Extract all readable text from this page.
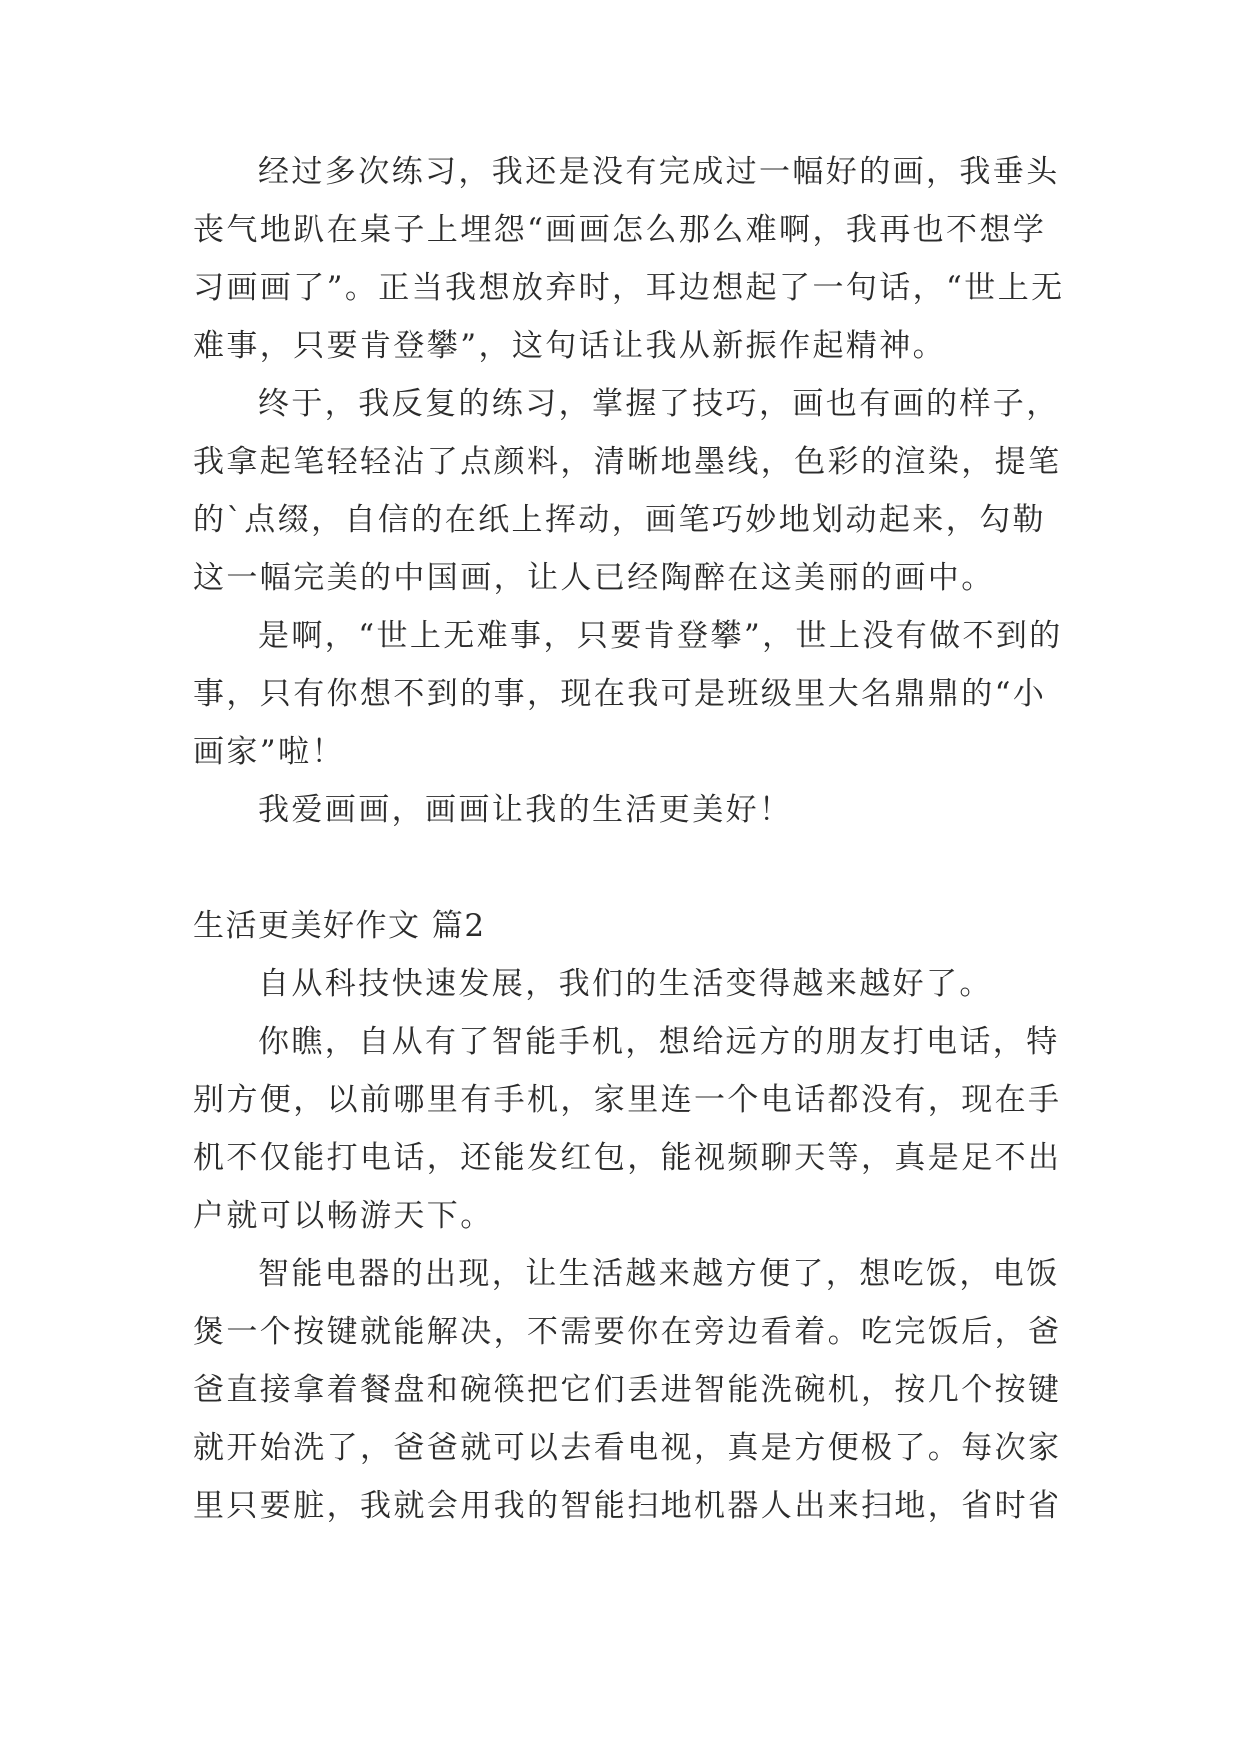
经过多次练习，我还是没有完成过一幅好的画，我垂头
丧气地趴在桌子上埋怨“画画怎么那么难啊，我再也不想学
习画画了”。正当我想放弃时，耳边想起了一句话，“世上无
难事，只要肯登攀”，这句话让我从新振作起精神。
终于，我反复的练习，掌握了技巧，画也有画的样子，
我拿起笔轻轻沾了点颜料，清晰地墨线，色彩的渲染，提笔
的`点缀，自信的在纸上挥动，画笔巧妙地划动起来，勾勒
这一幅完美的中国画，让人已经陶醉在这美丽的画中。
是啊，“世上无难事，只要肯登攀”，世上没有做不到的
事，只有你想不到的事，现在我可是班级里大名鼎鼎的“小
画家”啦！
我爱画画，画画让我的生活更美好！
生活更美好作文 篇2
自从科技快速发展，我们的生活变得越来越好了。
你瞧，自从有了智能手机，想给远方的朋友打电话，特
别方便，以前哪里有手机，家里连一个电话都没有，现在手
机不仅能打电话，还能发红包，能视频聊天等，真是足不出
户就可以畅游天下。
智能电器的出现，让生活越来越方便了，想吃饭，电饭
煲一个按键就能解决，不需要你在旁边看着。吃完饭后，爸
爸直接拿着餐盘和碗筷把它们丢进智能洗碗机，按几个按键
就开始洗了，爸爸就可以去看电视，真是方便极了。每次家
里只要脏，我就会用我的智能扫地机器人出来扫地，省时省
